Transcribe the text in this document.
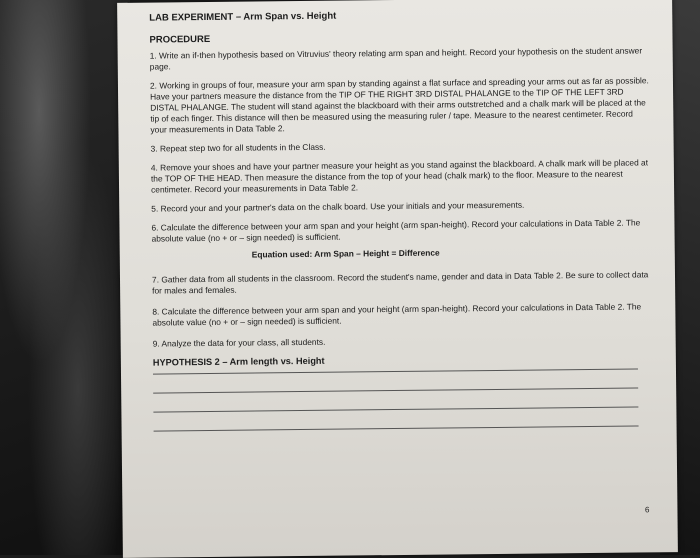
LAB EXPERIMENT – Arm Span vs. Height
PROCEDURE
1. Write an if-then hypothesis based on Vitruvius' theory relating arm span and height. Record your hypothesis on the student answer page.
2. Working in groups of four, measure your arm span by standing against a flat surface and spreading your arms out as far as possible. Have your partners measure the distance from the TIP OF THE RIGHT 3RD DISTAL PHALANGE to the TIP OF THE LEFT 3RD DISTAL PHALANGE. The student will stand against the blackboard with their arms outstretched and a chalk mark will be placed at the tip of each finger. This distance will then be measured using the measuring ruler / tape. Measure to the nearest centimeter. Record your measurements in Data Table 2.
3. Repeat step two for all students in the Class.
4. Remove your shoes and have your partner measure your height as you stand against the blackboard. A chalk mark will be placed at the TOP OF THE HEAD. Then measure the distance from the top of your head (chalk mark) to the floor. Measure to the nearest centimeter. Record your measurements in Data Table 2.
5. Record your and your partner's data on the chalk board. Use your initials and your measurements.
6. Calculate the difference between your arm span and your height (arm span-height). Record your calculations in Data Table 2. The absolute value (no + or – sign needed) is sufficient.
Equation used: Arm Span – Height = Difference
7. Gather data from all students in the classroom. Record the student's name, gender and data in Data Table 2. Be sure to collect data for males and females.
8. Calculate the difference between your arm span and your height (arm span-height). Record your calculations in Data Table 2. The absolute value (no + or – sign needed) is sufficient.
9. Analyze the data for your class, all students.
HYPOTHESIS 2 – Arm length vs. Height
6
